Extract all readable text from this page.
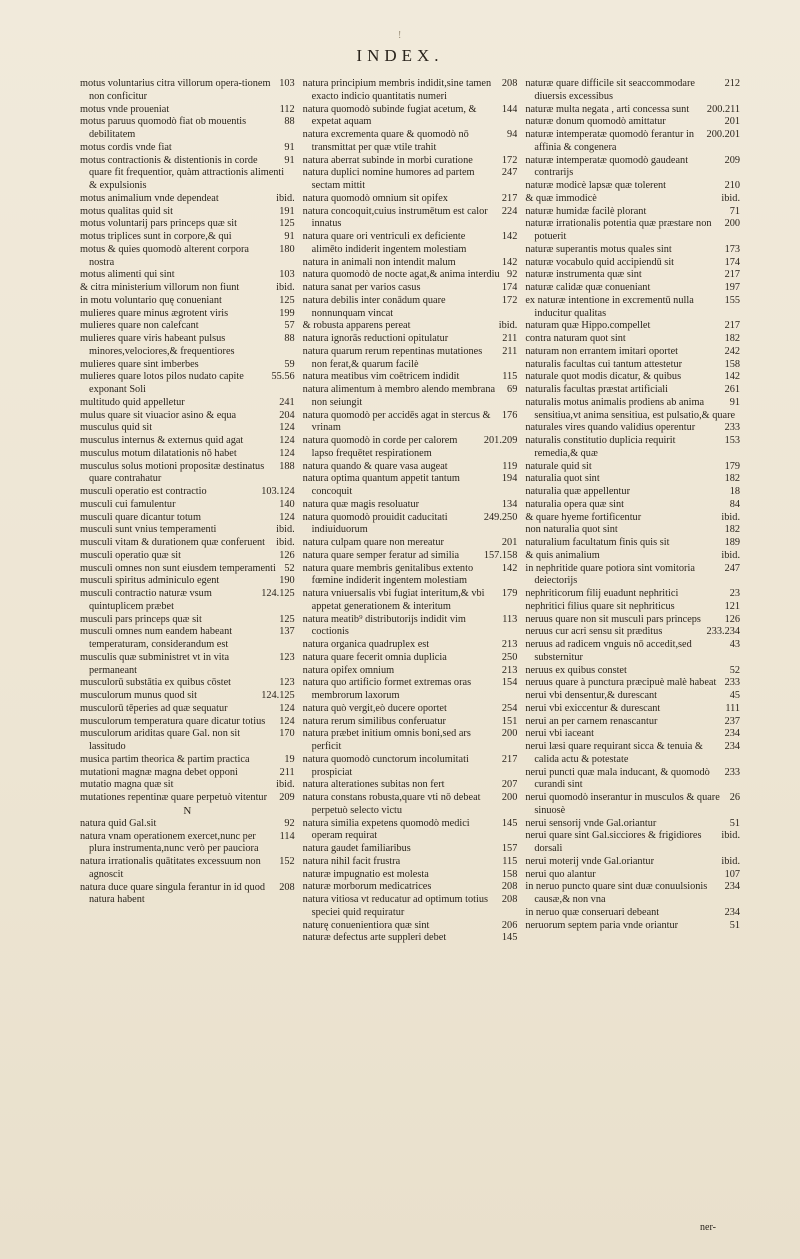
!
INDEX.
103
motus voluntarius citra villorum opera-tionem non conficitur
112
motus vnde proueniat
88
motus paruus quomodò fiat ob mouentis debilitatem
91
motus cordis vnde fiat
91
motus contractionis & distentionis in corde quare fit frequentior, quàm attractionis alimenti & expulsionis
ibid.
motus animalium vnde dependeat
191
motus qualitas quid sit
125
motus voluntarij pars princeps quæ sit
91
motus triplices sunt in corpore,& qui
180
motus & quies quomodò alterent corpora nostra
103
motus alimenti qui sint
ibid.
& citra ministerium villorum non fiunt
125
in motu voluntario quę conueniant
199
mulieres quare minus ægrotent viris
57
mulieres quare non calefcant
88
mulieres quare viris habeant pulsus minores,velociores,& frequentiores
59
mulieres quare sint imberbes
55.56
mulieres quare lotos pilos nudato capite exponant Soli
241
multitudo quid appelletur
204
mulus quare sit viuacior asino & equa
124
musculus quid sit
124
musculus internus & externus quid agat
124
musculus motum dilatationis nō habet
188
musculus solus motioni propositæ destinatus quare contrahatur
103.124
musculi operatio est contractio
140
musculi cui famulentur
124
musculi quare dicantur totum
ibid.
musculi sunt vnius temperamenti
ibid.
musculi vitam & durationem quæ conferuent
126
musculi operatio quæ sit
52
musculi omnes non sunt eiusdem temperamenti
190
musculi spiritus adminiculo egent
124.125
musculi contractio naturæ vsum quintuplicem præbet
125
musculi pars princeps quæ sit
137
musculi omnes num eandem habeant temperaturam, considerandum est
123
musculis quæ subministret vt in vita permaneant
123
musculorū substātia ex quibus cōstet
124.125
musculorum munus quod sit
124
musculorū tēperies ad quæ sequatur
124
musculorum temperatura quare dicatur totius
170
musculorum ariditas quare Gal. non sit lassitudo
19
musica partim theorica & partim practica
211
mutationi magnæ magna debet opponi
ibid.
mutatio magna quæ sit
209
mutationes repentinæ quare perpetuò vitentur
N
92
natura quid Gal.sit
114
natura vnam operationem exercet,nunc per plura instrumenta,nunc verò per pauciora
152
natura irrationalis quātitates excessuum non agnoscit
208
natura duce quare singula ferantur in id quod natura habent
208
natura principium membris indidit,sine tamen exacto indicio quantitatis numeri
144
natura quomodò subinde fugiat acetum, & expetat aquam
94
natura excrementa quare & quomodò nō transmittat per quæ vtile trahit
172
natura aberrat subinde in morbi curatione
247
natura duplici nomine humores ad partem sectam mittit
217
natura quomodò omnium sit opifex
224
natura concoquit,cuius instrumētum est calor innatus
142
natura quare ori ventriculi ex deficiente alimēto indiderit ingentem molestiam
142
natura in animali non intendit malum
92
natura quomodò de nocte agat,& anima interdiu
174
natura sanat per varios casus
172
natura debilis inter conādum quare nonnunquam vincat
ibid.
& robusta apparens pereat
211
natura ignorās reductioni opitulatur
211
natura quarum rerum repentinas mutationes non ferat,& quarum facilè
115
natura meatibus vim coētricem indidit
69
natura alimentum à membro alendo membrana non seiungit
176
natura quomodò per accidēs agat in stercus & vrinam
201.209
natura quomodò in corde per calorem lapso frequētet respirationem
119
natura quando & quare vasa augeat
194
natura optima quantum appetit tantum concoquit
134
natura quæ magis resoluatur
249.250
natura quomodò prouidit caducitati indiuiduorum
201
natura culpam quare non mereatur
157.158
natura quare semper feratur ad similia
142
natura quare membris genitalibus extento fœmine indiderit ingentem molestiam
179
natura vniuersalis vbi fugiat interitum,& vbi appetat generationem & interitum
113
natura meatib⁹ distributorijs indidit vim coctionis
213
natura organica quadruplex est
250
natura quare fecerit omnia duplicia
213
natura opifex omnium
154
natura quo artificio formet extremas oras membrorum laxorum
254
natura quò vergit,eò ducere oportet
151
natura rerum similibus conferuatur
200
natura præbet initium omnis boni,sed ars perficit
217
natura quomodò cunctorum incolumitati prospiciat
207
natura alterationes subitas non fert
200
natura constans robusta,quare vti nō debeat perpetuò selecto victu
145
natura similia expetens quomodò medici operam requirat
157
natura gaudet familiaribus
115
natura nihil facit frustra
158
naturæ impugnatio est molesta
208
naturæ morborum medicatrices
208
natura vitiosa vt reducatur ad optimum totius speciei quid requiratur
206
naturę conuenientiora quæ sint
145
naturæ defectus arte suppleri debet
212
naturæ quare difficile sit seaccommodare diuersis excessibus
200.211
naturæ multa negata , arti concessa sunt
201
naturæ donum quomodò amittatur
200.201
naturæ intemperatæ quomodò ferantur in affinia & congenera
209
naturæ intemperatæ quomodò gaudeant contrarijs
210
naturæ modicè lapsæ quæ tolerent
ibid.
& quæ immodicè
71
naturæ humidæ facilè plorant
200
naturæ irrationalis potentia quæ præstare non potuerit
173
naturæ superantis motus quales sint
174
naturæ vocabulo quid accipiendū sit
217
naturæ instrumenta quæ sint
197
naturæ calidæ quæ conueniant
155
ex naturæ intentione in excrementū nulla inducitur qualitas
217
naturam quæ Hippo.compellet
182
contra naturam quot sint
242
naturam non errantem imitari oportet
158
naturalis facultas cui tantum attestetur
142
naturale quot modis dicatur, & quibus
261
naturalis facultas præstat artificiali
91
naturalis motus animalis prodiens ab anima sensitiua,vt anima sensitiua, est pulsatio,& quare
233
naturales vires quando validius operentur
153
naturalis constitutio duplicia requirit remedia,& quæ
179
naturale quid sit
182
naturalia quot sint
18
naturalia quæ appellentur
84
naturalia opera quæ sint
ibid.
& quare hyeme fortificentur
182
non naturalia quot sint
189
naturalium facultatum finis quis sit
ibid.
& quis animalium
247
in nephritide quare potiora sint vomitoria deiectorijs
23
nephriticorum filij euadunt nephritici
121
nephritici filius quare sit nephriticus
126
neruus quare non sit musculi pars princeps
233.234
neruus cur acri sensu sit præditus
43
neruus ad radicem vnguis nō accedit,sed substernitur
52
neruus ex quibus constet
233
neruus quare à punctura præcipuè malè habeat
45
nerui vbi densentur,& durescant
111
nerui vbi exiccentur & durescant
237
nerui an per carnem renascantur
234
nerui vbi iaceant
234
nerui læsi quare requirant sicca & tenuia & calida actu & potestate
233
nerui puncti quæ mala inducant, & quomodò curandi sint
26
nerui quomodò inserantur in musculos & quare sinuosè
51
nerui sensorij vnde Gal.oriantur
ibid.
nerui quare sint Gal.sicciores & frigidiores dorsali
ibid.
nerui moterij vnde Gal.oriantur
107
nerui quo alantur
234
in neruo puncto quare sint duæ conuulsionis causæ,& non vna
234
in neruo quæ conseruari debeant
51
neruorum septem paria vnde oriantur
ner-
